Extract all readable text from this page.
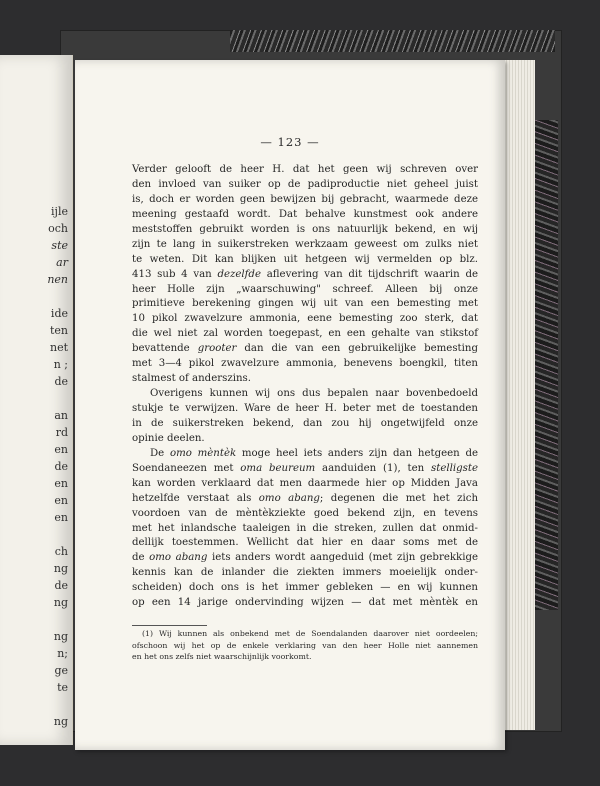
ijle
och
ste
ar
nen
ide
ten
net
n ;
de
an
rd
en
de
en
en
en
ch
ng
de
ng
ng
n;
ge
te
ng
— 123 —
Verder gelooft de heer H. dat het geen wij schreven over
den invloed van suiker op de padiproductie niet geheel juist
is, doch er worden geen bewijzen bij gebracht, waarmede deze
meening gestaafd wordt. Dat behalve kunstmest ook andere
meststoffen gebruikt worden is ons natuurlijk bekend, en wij
zijn te lang in suikerstreken werkzaam geweest om zulks niet
te weten. Dit kan blijken uit hetgeen wij vermelden op blz.
413 sub 4 van dezelfde aflevering van dit tijdschrift waarin de
heer Holle zijn „waarschuwing" schreef. Alleen bij onze
primitieve berekening gingen wij uit van een bemesting met
10 pikol zwavelzure ammonia, eene bemesting zoo sterk, dat
die wel niet zal worden toegepast, en een gehalte van stikstof
bevattende grooter dan die van een gebruikelijke bemesting
met 3—4 pikol zwavelzure ammonia, benevens boengkil, titen
stalmest of anderszins.
Overigens kunnen wij ons dus bepalen naar bovenbedoeld
stukje te verwijzen. Ware de heer H. beter met de toestanden
in de suikerstreken bekend, dan zou hij ongetwijfeld onze
opinie deelen.
De omo mèntèk moge heel iets anders zijn dan hetgeen de
Soendaneezen met oma beureum aanduiden (1), ten stelligste
kan worden verklaard dat men daarmede hier op Midden Java
hetzelfde verstaat als omo abang; degenen die met het zich
voordoen van de mèntèkziekte goed bekend zijn, en tevens
met het inlandsche taaleigen in die streken, zullen dat onmid-
dellijk toestemmen. Wellicht dat hier en daar soms met de
de omo abang iets anders wordt aangeduid (met zijn gebrekkige
kennis kan de inlander die ziekten immers moeielijk onder-
scheiden) doch ons is het immer gebleken — en wij kunnen
op een 14 jarige ondervinding wijzen — dat met mèntèk en
(1) Wij kunnen als onbekend met de Soendalanden daarover niet oordeelen;
ofschoon wij het op de enkele verklaring van den heer Holle niet aannemen
en het ons zelfs niet waarschijnlijk voorkomt.
